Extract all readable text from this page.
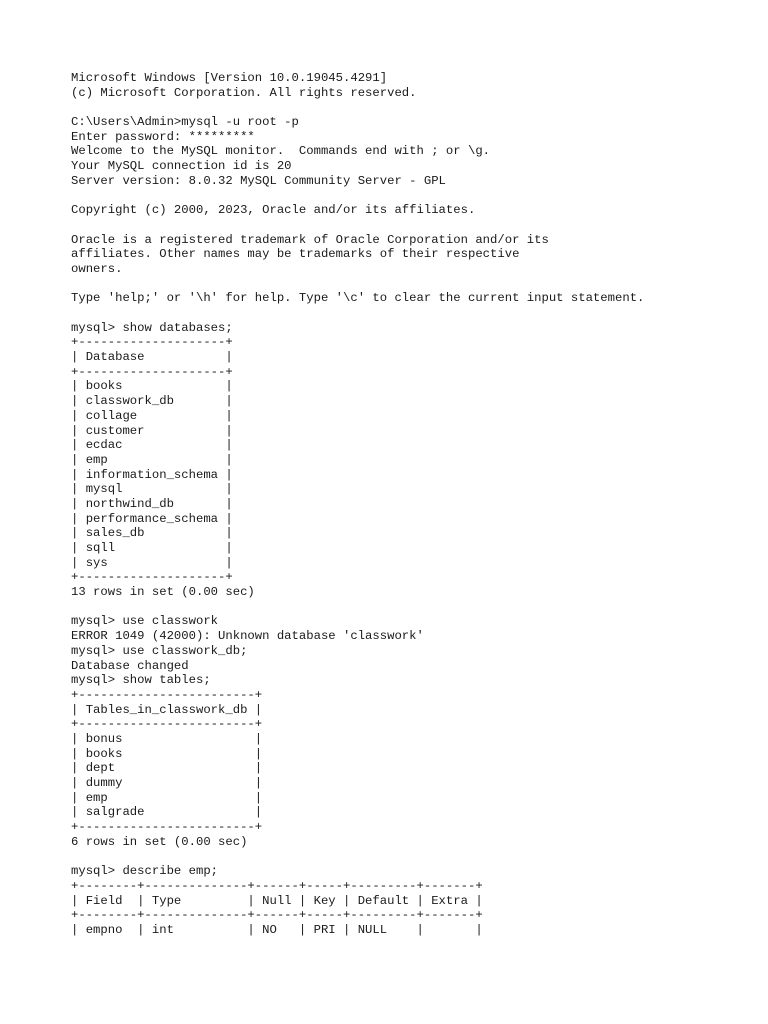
Microsoft Windows [Version 10.0.19045.4291]
(c) Microsoft Corporation. All rights reserved.
C:\Users\Admin>mysql -u root -p
Enter password: *********
Welcome to the MySQL monitor.  Commands end with ; or \g.
Your MySQL connection id is 20
Server version: 8.0.32 MySQL Community Server - GPL
Copyright (c) 2000, 2023, Oracle and/or its affiliates.
Oracle is a registered trademark of Oracle Corporation and/or its
affiliates. Other names may be trademarks of their respective
owners.
Type 'help;' or '\h' for help. Type '\c' to clear the current input statement.
mysql> show databases;
+--------------------+
| Database           |
+--------------------+
| books              |
| classwork_db       |
| collage            |
| customer           |
| ecdac              |
| emp                |
| information_schema |
| mysql              |
| northwind_db       |
| performance_schema |
| sales_db           |
| sqll               |
| sys                |
+--------------------+
13 rows in set (0.00 sec)
mysql> use classwork
ERROR 1049 (42000): Unknown database 'classwork'
mysql> use classwork_db;
Database changed
mysql> show tables;
+------------------------+
| Tables_in_classwork_db |
+------------------------+
| bonus                  |
| books                  |
| dept                   |
| dummy                  |
| emp                    |
| salgrade               |
+------------------------+
6 rows in set (0.00 sec)
mysql> describe emp;
+--------+--------------+------+-----+---------+-------+
| Field  | Type         | Null | Key | Default | Extra |
+--------+--------------+------+-----+---------+-------+
| empno  | int          | NO   | PRI | NULL    |       |
